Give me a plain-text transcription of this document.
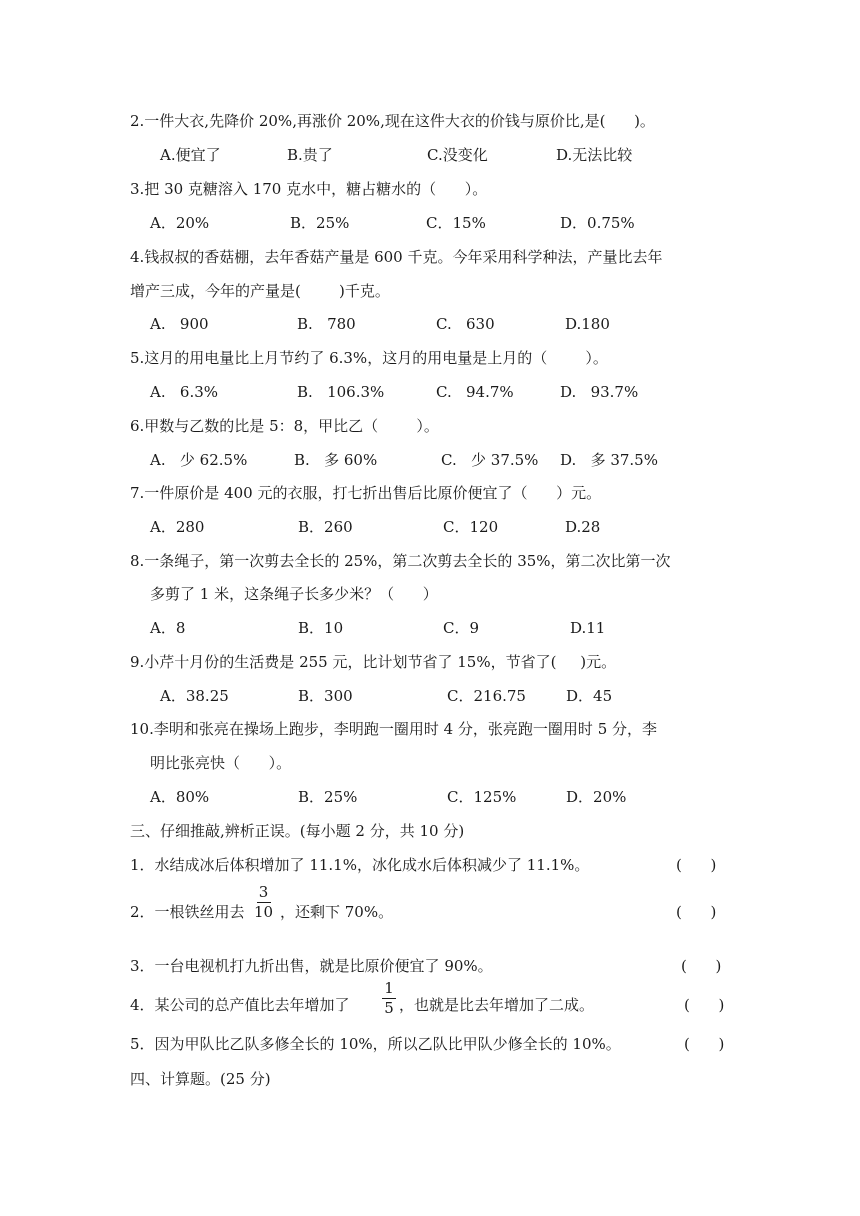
2.一件大衣,先降价 20%,再涨价 20%,现在这件大衣的价钱与原价比,是(      )。
A.便宜了	B.贵了	C.没变化	D.无法比较
3.把 30 克糖溶入 170 克水中，糖占糖水的（      ）。
A．20%	B．25%	C．15%	D．0.75%
4.钱叔叔的香菇棚，去年香菇产量是 600 千克。今年采用科学种法，产量比去年
增产三成，今年的产量是(        )千克。
A.   900	B.   780	C.   630	D.180
5.这月的用电量比上月节约了 6.3%，这月的用电量是上月的（        ）。
A.   6.3%	B.   106.3%	C.   94.7%	D.   93.7%
6.甲数与乙数的比是 5：8，甲比乙（        ）。
A.   少 62.5%	B.   多 60%	C.   少 37.5% D.   多 37.5%
7.一件原价是 400 元的衣服，打七折出售后比原价便宜了（      ）元。
A．280	B．260	C．120	D.28
8.一条绳子，第一次剪去全长的 25%，第二次剪去全长的 35%，第二次比第一次
多剪了 1 米，这条绳子长多少米？（      ）
A．8	B．10	C．9	D.11
9.小芹十月份的生活费是 255 元，比计划节省了 15%，节省了(     )元。
A．38.25	B．300	C．216.75	D．45
10.李明和张亮在操场上跑步，李明跑一圈用时 4 分，张亮跑一圈用时 5 分，李
明比张亮快（      ）。
A．80%	B．25%	C．125%	D．20%
三、仔细推敲,辨析正误。(每小题 2 分，共 10 分)
1．水结成冰后体积增加了 11.1%，冰化成水后体积减少了 11.1%。	(      )
2．一根铁丝用去
3
10 ，还剩下 70%。	(      )
3．一台电视机打九折出售，就是比原价便宜了 90%。	(      )
4．某公司的总产值比去年增加了
1
5 ，也就是比去年增加了二成。	(      )
5．因为甲队比乙队多修全长的 10%，所以乙队比甲队少修全长的 10%。	(      )
四、计算题。(25 分)
